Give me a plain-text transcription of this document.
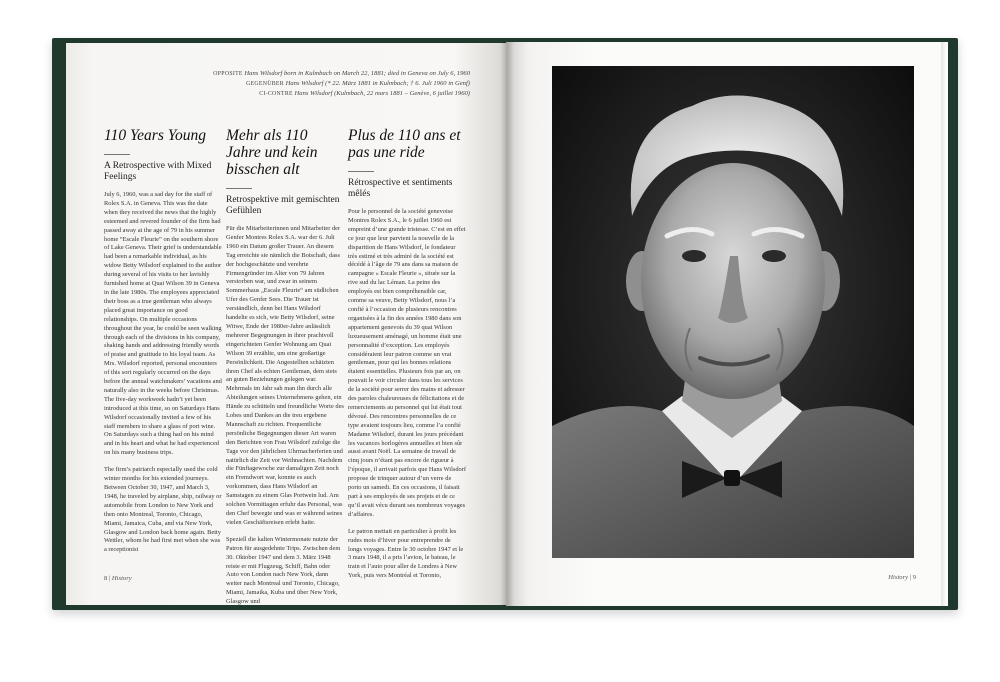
OPPOSITE Hans Wilsdorf born in Kulmbach on March 22, 1881; died in Geneva on July 6, 1960
GEGENÜBER Hans Wilsdorf (* 22. März 1881 in Kulmbach; † 6. Juli 1960 in Genf)
CI-CONTRE Hans Wilsdorf (Kulmbach, 22 mars 1881 – Genève, 6 juillet 1960)
110 Years Young
A Retrospective with Mixed Feelings

July 6, 1960, was a sad day for the staff of Rolex S.A. in Geneva. This was the date when they received the news that the highly esteemed and revered founder of the firm had passed away at the age of 79 in his summer home “Escale Fleurie” on the southern shore of Lake Geneva. Their grief is understandable had been a remarkable individual, as his widow Betty Wilsdorf explained to the author during several of his visits to her lavishly furnished home at Quai Wilson 39 in Geneva in the late 1980s. The employees appreciated their boss as a true gentleman who always placed great importance on good relationships. On multiple occasions throughout the year, he could be seen walking through each of the divisions in his company, shaking hands and addressing friendly words of praise and gratitude to his loyal team. As Mrs. Wilsdorf reported, personal encounters of this sort regularly occurred on the days before the annual watchmakers’ vacations and naturally also in the weeks before Christmas. The five-day workweek hadn’t yet been introduced at this time, so on Saturdays Hans Wilsdorf occasionally invited a few of his staff members to share a glass of port wine. On Saturdays such a thing had on his mind and in his heart and what he had experienced on his many business trips.

The firm’s patriarch especially used the cold winter months for his extended journeys. Between October 30, 1947, and March 3, 1948, he traveled by airplane, ship, railway or automobile from London to New York and then onto Montreal, Toronto, Chicago, Miami, Jamaica, Cuba, and via New York, Glasgow and London back home again. Betty Wettler, whom he had first met when she was a receptionist

Mehr als 110 Jahre und kein bisschen alt
Retrospektive mit gemischten Gefühlen

Für die Mitarbeiterinnen und Mitarbeiter der Genfer Montres Rolex S.A. war der 6. Juli 1960 ein Datum großer Trauer. An diesem Tag erreichte sie nämlich die Botschaft, dass der hochgeschätzte und verehrte Firmengründer im Alter von 79 Jahren verstorben war, und zwar in seinem Sommerhaus „Escale Fleurie“ am südlichen Ufer des Genfer Sees. Die Trauer ist verständlich, denn bei Hans Wilsdorf handelte es sich, wie Betty Wilsdorf, seine Witwe, Ende der 1980er-Jahre anlässlich mehrerer Begegnungen in ihrer prachtvoll eingerichteten Genfer Wohnung am Quai Wilson 39 erzählte, um eine großartige Persönlichkeit. Die Angestellten schätzten ihren Chef als echten Gentleman, dem stets an guten Beziehungen gelegen war. Mehrmals im Jahr sah man ihn durch alle Abteilungen seines Unternehmens gehen, ein Hände zu schütteln und freundliche Worte des Lobes und Dankes an die treu ergebene Mannschaft zu richten. Frequentliche persönliche Begegnungen dieser Art waren den Berichten von Frau Wilsdorf zufolge die Tage vor den jährlichen Uhrmacherferien und natürlich die Zeit vor Weihnachten. Nachdem die Fünftagewoche zur damaligen Zeit noch ein Fremdwort war, konnte es auch vorkommen, dass Hans Wilsdorf an Samstagen zu einem Glas Portwein lud. Am solchen Vormittagen erfuhr das Personal, was den Chef bewegte und was er während seines vielen Geschäftsreisen erlebt hatte.

Speziell die kalten Wintermonate nutzte der Patron für ausgedehnte Trips. Zwischen dem 30. Oktober 1947 und dem 3. März 1948 reiste er mit Flugzeug, Schiff, Bahn oder Auto von London nach New York, dann weiter nach Montreal und Toronto, Chicago, Miami, Jamaika, Kuba und über New York, Glasgow und

Plus de 110 ans et pas une ride
Rétrospective et sentiments mêlés

Pour le personnel de la société genevoise Montres Rolex S.A., le 6 juillet 1960 est empreint d’une grande tristesse. C’est en effet ce jour que leur parvient la nouvelle de la disparition de Hans Wilsdorf, le fondateur très estimé et très admiré de la société est décédé à l’âge de 79 ans dans sa maison de campagne « Escale Fleurie », située sur la rive sud du lac Léman. La peine des employés est bien compréhensible car, comme sa veuve, Betty Wilsdorf, nous l’a confié à l’occasion de plusieurs rencontres organisées à la fin des années 1980 dans son appartement genevois du 39 quai Wilson luxueusement aménagé, un homme était une personnalité d’exception. Les employés considéraient leur patron comme un vrai gentleman, pour qui les bonnes relations étaient essentielles. Plusieurs fois par an, on pouvait le voir circuler dans tous les services de la société pour serrer des mains et adresser des paroles chaleureuses de félicitations et de remerciements au personnel qui lui était tout dévoué. Des rencontres personnelles de ce type avaient toujours lieu, comme l’a confié Madame Wilsdorf, durant les jours précédant les vacances horlogères annuelles et bien sûr aussi avant Noël. La semaine de travail de cinq jours n’étant pas encore de rigueur à l’époque, il arrivait parfois que Hans Wilsdorf propose de trinquer autour d’un verre de porto un samedi. En ces occasions, il faisait part à ses employés de ses projets et de ce qu’il avait vécu durant ses nombreux voyages d’affaires.

Le patron mettait en particulier à profit les rudes mois d’hiver pour entreprendre de longs voyages. Entre le 30 octobre 1947 et le 3 mars 1948, il a pris l’avion, le bateau, le train et l’auto pour aller de Londres à New York, puis vers Montréal et Toronto,

8 | History	History | 9
